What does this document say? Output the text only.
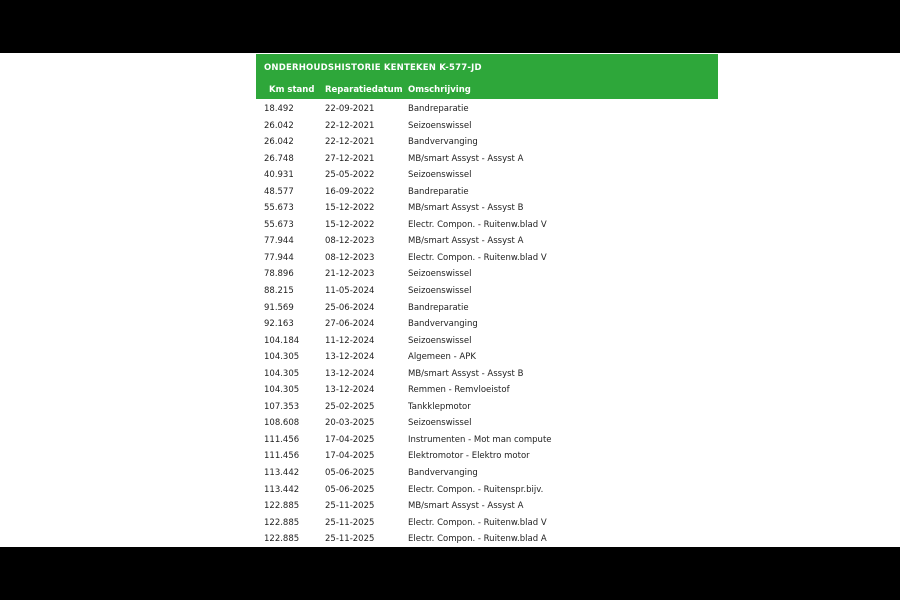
ONDERHOUDSHISTORIE KENTEKEN K-577-JD
Km stand	Reparatiedatum Omschrijving
18.492	22-09-2021	Bandreparatie
26.042	22-12-2021	Seizoenswissel
26.042	22-12-2021	Bandvervanging
26.748	27-12-2021	MB/smart Assyst - Assyst A
40.931	25-05-2022	Seizoenswissel
48.577	16-09-2022	Bandreparatie
55.673	15-12-2022	MB/smart Assyst - Assyst B
55.673	15-12-2022	Electr. Compon. - Ruitenw.blad V
77.944	08-12-2023	MB/smart Assyst - Assyst A
77.944	08-12-2023	Electr. Compon. - Ruitenw.blad V
78.896	21-12-2023	Seizoenswissel
88.215	11-05-2024	Seizoenswissel
91.569	25-06-2024	Bandreparatie
92.163	27-06-2024	Bandvervanging
104.184	11-12-2024	Seizoenswissel
104.305	13-12-2024	Algemeen - APK
104.305	13-12-2024	MB/smart Assyst - Assyst B
104.305	13-12-2024	Remmen - Remvloeistof
107.353	25-02-2025	Tankklepmotor
108.608	20-03-2025	Seizoenswissel
111.456	17-04-2025	Instrumenten - Mot man compute
111.456	17-04-2025	Elektromotor - Elektro motor
113.442	05-06-2025	Bandvervanging
113.442	05-06-2025	Electr. Compon. - Ruitenspr.bijv.
122.885	25-11-2025	MB/smart Assyst - Assyst A
122.885	25-11-2025	Electr. Compon. - Ruitenw.blad V
122.885	25-11-2025	Electr. Compon. - Ruitenw.blad A
